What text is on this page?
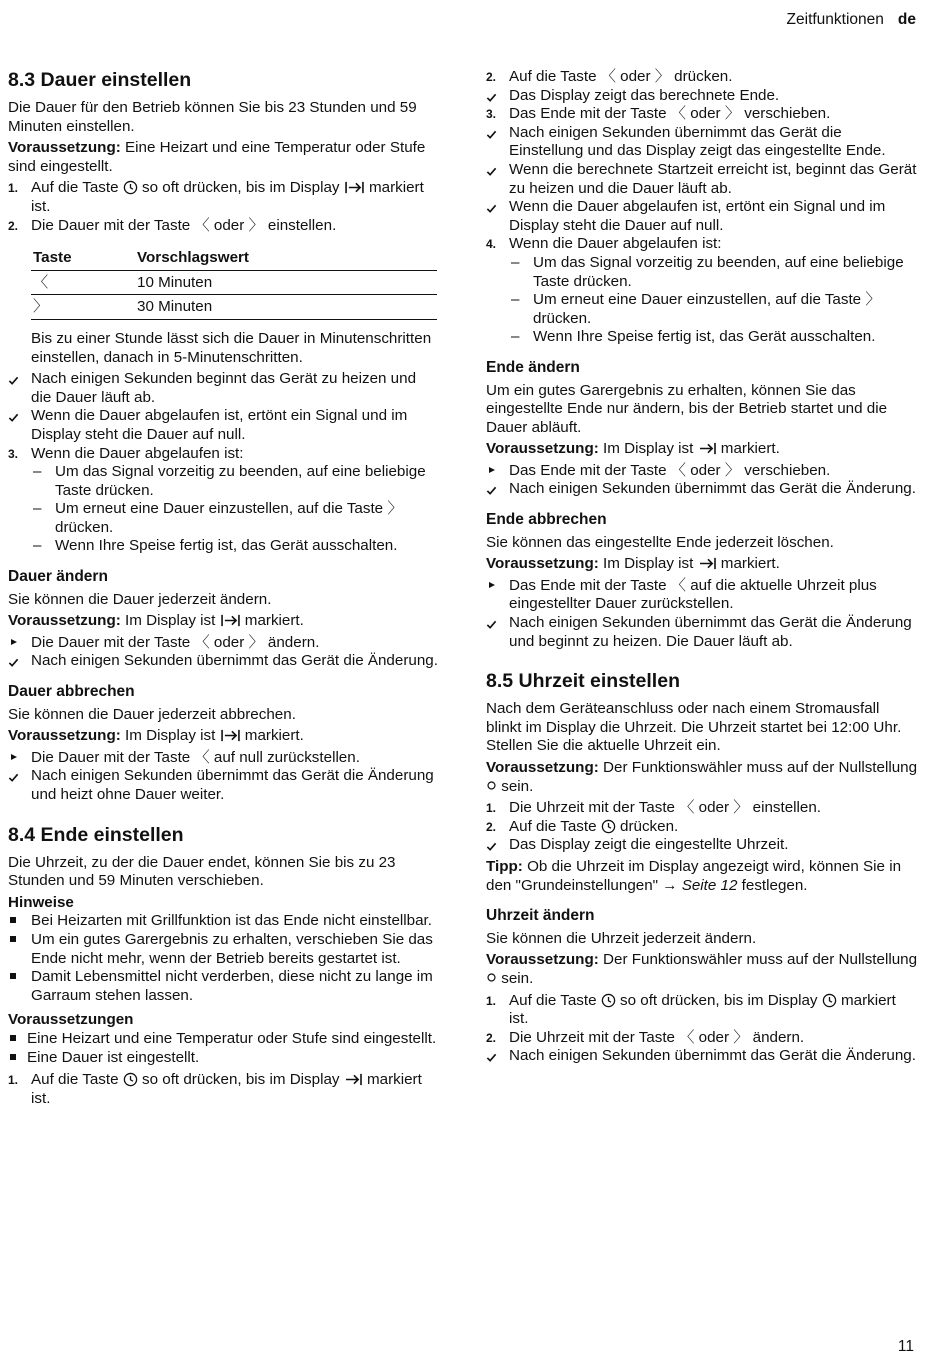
Zeitfunktionen de
8.3 Dauer einstellen

Die Dauer für den Betrieb können Sie bis 23 Stunden und 59 Minuten einstellen.

Voraussetzung: Eine Heizart und eine Temperatur oder Stufe sind eingestellt.

1. Auf die Taste so oft drücken, bis im Display markiert ist.
2. Die Dauer mit der Taste 〈 oder 〉 einstellen.
Taste	Vorschlagswert
〈	10 Minuten
〉	30 Minuten

Bis zu einer Stunde lässt sich die Dauer in Minutenschritten einstellen, danach in 5-Minutenschritten.

Nach einigen Sekunden beginnt das Gerät zu heizen und die Dauer läuft ab.
Wenn die Dauer abgelaufen ist, ertönt ein Signal und im Display steht die Dauer auf null.
3. Wenn die Dauer abgelaufen ist:
– Um das Signal vorzeitig zu beenden, auf eine beliebige Taste drücken.
– Um erneut eine Dauer einzustellen, auf die Taste 〉 drücken.
– Wenn Ihre Speise fertig ist, das Gerät ausschalten.
Dauer ändern

Sie können die Dauer jederzeit ändern.

Voraussetzung: Im Display ist markiert.

Die Dauer mit der Taste 〈 oder 〉 ändern.
Nach einigen Sekunden übernimmt das Gerät die Änderung.
Dauer abbrechen

Sie können die Dauer jederzeit abbrechen.

Voraussetzung: Im Display ist markiert.

Die Dauer mit der Taste 〈 auf null zurückstellen.
Nach einigen Sekunden übernimmt das Gerät die Änderung und heizt ohne Dauer weiter.
8.4 Ende einstellen

Die Uhrzeit, zu der die Dauer endet, können Sie bis zu 23 Stunden und 59 Minuten verschieben.

Hinweise

Bei Heizarten mit Grillfunktion ist das Ende nicht einstellbar.
Um ein gutes Garergebnis zu erhalten, verschieben Sie das Ende nicht mehr, wenn der Betrieb bereits gestartet ist.
Damit Lebensmittel nicht verderben, diese nicht zu lange im Garraum stehen lassen.

Voraussetzungen

Eine Heizart und eine Temperatur oder Stufe sind eingestellt.
Eine Dauer ist eingestellt.
1. Auf die Taste so oft drücken, bis im Display markiert ist.
2. Auf die Taste 〈 oder 〉 drücken.
Das Display zeigt das berechnete Ende.
3. Das Ende mit der Taste 〈 oder 〉 verschieben.
Nach einigen Sekunden übernimmt das Gerät die Einstellung und das Display zeigt das eingestellte Ende.
Wenn die berechnete Startzeit erreicht ist, beginnt das Gerät zu heizen und die Dauer läuft ab.
Wenn die Dauer abgelaufen ist, ertönt ein Signal und im Display steht die Dauer auf null.
4. Wenn die Dauer abgelaufen ist:
– Um das Signal vorzeitig zu beenden, auf eine beliebige Taste drücken.
– Um erneut eine Dauer einzustellen, auf die Taste 〉 drücken.
– Wenn Ihre Speise fertig ist, das Gerät ausschalten.
Ende ändern

Um ein gutes Garergebnis zu erhalten, können Sie das eingestellte Ende nur ändern, bis der Betrieb startet und die Dauer abläuft.

Voraussetzung: Im Display ist markiert.

Das Ende mit der Taste 〈 oder 〉 verschieben.
Nach einigen Sekunden übernimmt das Gerät die Änderung.
Ende abbrechen

Sie können das eingestellte Ende jederzeit löschen.

Voraussetzung: Im Display ist markiert.

Das Ende mit der Taste 〈 auf die aktuelle Uhrzeit plus eingestellter Dauer zurückstellen.
Nach einigen Sekunden übernimmt das Gerät die Änderung und beginnt zu heizen. Die Dauer läuft ab.
8.5 Uhrzeit einstellen

Nach dem Geräteanschluss oder nach einem Stromausfall blinkt im Display die Uhrzeit. Die Uhrzeit startet bei 12:00 Uhr. Stellen Sie die aktuelle Uhrzeit ein.

Voraussetzung: Der Funktionswähler muss auf der Nullstellung  sein.

1. Die Uhrzeit mit der Taste 〈 oder 〉 einstellen.
2. Auf die Taste drücken.
Das Display zeigt die eingestellte Uhrzeit.

Tipp: Ob die Uhrzeit im Display angezeigt wird, können Sie in den "Grundeinstellungen" → Seite 12 festlegen.

Uhrzeit ändern

Sie können die Uhrzeit jederzeit ändern.

Voraussetzung: Der Funktionswähler muss auf der Nullstellung  sein.

1. Auf die Taste so oft drücken, bis im Display markiert ist.
2. Die Uhrzeit mit der Taste 〈 oder 〉 ändern.
Nach einigen Sekunden übernimmt das Gerät die Änderung.
11
